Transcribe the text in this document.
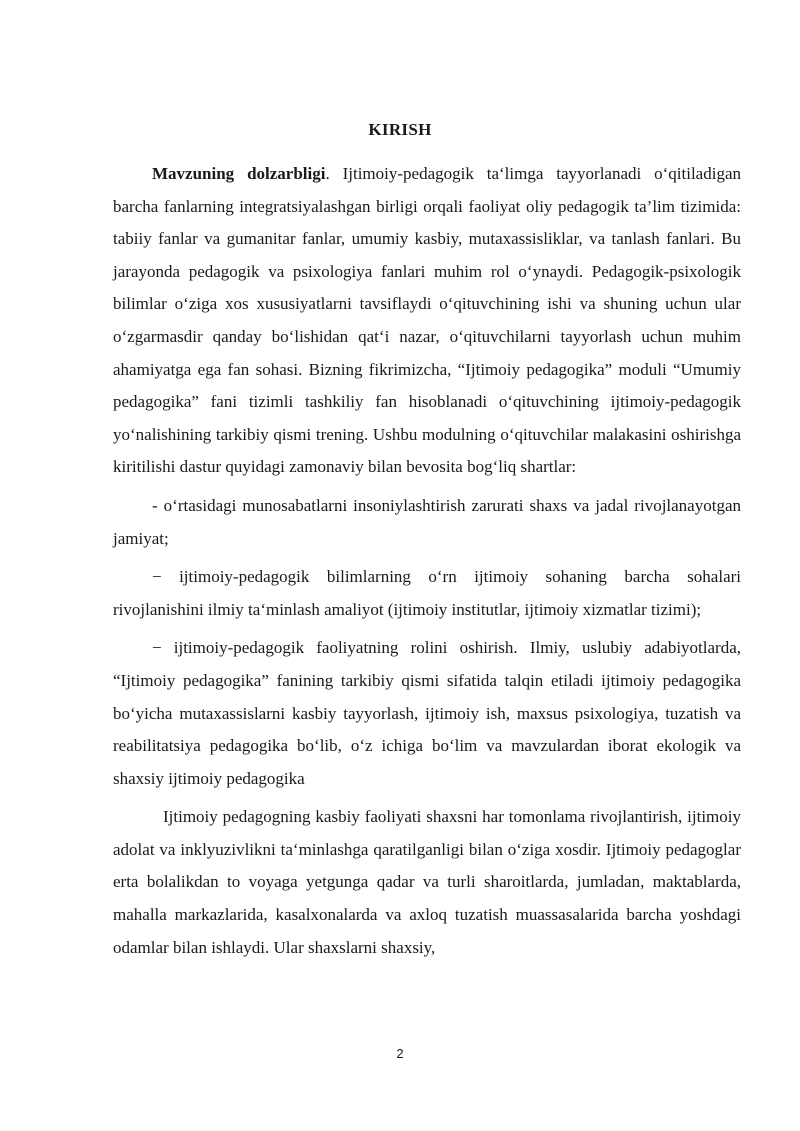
KIRISH

Mavzuning dolzarbligi. Ijtimoiy-pedagogik ta‘limga tayyorlanadi o‘qitiladigan barcha fanlarning integratsiyalashgan birligi orqali faoliyat oliy pedagogik ta’lim tizimida: tabiiy fanlar va gumanitar fanlar, umumiy kasbiy, mutaxassisliklar, va tanlash fanlari. Bu jarayonda pedagogik va psixologiya fanlari muhim rol o‘ynaydi. Pedagogik-psixologik bilimlar o‘ziga xos xususiyatlarni tavsiflaydi o‘qituvchining ishi va shuning uchun ular o‘zgarmasdir qanday bo‘lishidan qat‘i nazar, o‘qituvchilarni tayyorlash uchun muhim ahamiyatga ega fan sohasi. Bizning fikrimizcha, “Ijtimoiy pedagogika” moduli “Umumiy pedagogika” fani tizimli tashkiliy fan hisoblanadi o‘qituvchining ijtimoiy-pedagogik yo‘nalishining tarkibiy qismi trening. Ushbu modulning o‘qituvchilar malakasini oshirishga kiritilishi dastur quyidagi zamonaviy bilan bevosita bog‘liq shartlar:

- o‘rtasidagi munosabatlarni insoniylashtirish zarurati shaxs va jadal rivojlanayotgan jamiyat;

− ijtimoiy-pedagogik bilimlarning o‘rn ijtimoiy sohaning barcha sohalari rivojlanishini ilmiy ta‘minlash amaliyot (ijtimoiy institutlar, ijtimoiy xizmatlar tizimi);

− ijtimoiy-pedagogik faoliyatning rolini oshirish. Ilmiy, uslubiy adabiyotlarda, “Ijtimoiy pedagogika” fanining tarkibiy qismi sifatida talqin etiladi ijtimoiy pedagogika bo‘yicha mutaxassislarni kasbiy tayyorlash, ijtimoiy ish, maxsus psixologiya, tuzatish va reabilitatsiya pedagogika bo‘lib, o‘z ichiga bo‘lim va mavzulardan iborat ekologik va shaxsiy ijtimoiy pedagogika

Ijtimoiy pedagogning kasbiy faoliyati shaxsni har tomonlama rivojlantirish, ijtimoiy adolat va inklyuzivlikni ta‘minlashga qaratilganligi bilan o‘ziga xosdir. Ijtimoiy pedagoglar erta bolalikdan to voyaga yetgunga qadar va turli sharoitlarda, jumladan, maktablarda, mahalla markazlarida, kasalxonalarda va axloq tuzatish muassasalarida barcha yoshdagi odamlar bilan ishlaydi. Ular shaxslarni shaxsiy,

2
